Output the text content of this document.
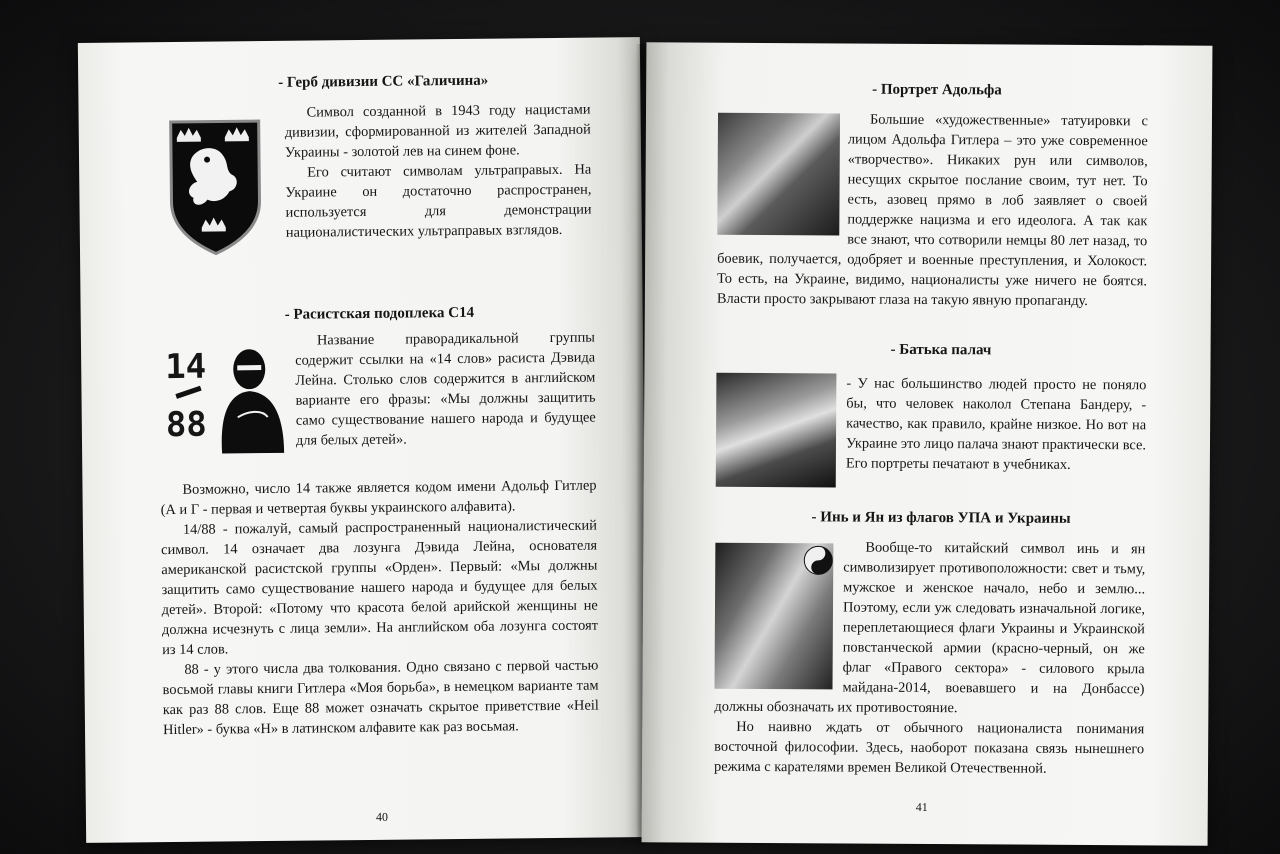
- Герб дивизии СС «Галичина»

Символ созданной в 1943 году нацистами дивизии, сформированной из жителей Западной Украины - золотой лев на синем фоне.

Его считают символам ультраправых. На Украине он достаточно распространен, используется для демонстрации националистических ультраправых взглядов.

- Расистская подоплека С14
14
88

Название праворадикальной группы содержит ссылки на «14 слов» расиста Дэвида Лейна. Столько слов содержится в английском варианте его фразы: «Мы должны защитить само существование нашего народа и будущее для белых детей».

Возможно, число 14 также является кодом имени Адольф Гитлер (А и Г - первая и четвертая буквы украинского алфавита).

14/88 - пожалуй, самый распространенный националистический символ. 14 означает два лозунга Дэвида Лейна, основателя американской расистской группы «Орден». Первый: «Мы должны защитить само существование нашего народа и будущее для белых детей». Второй: «Потому что красота белой арийской женщины не должна исчезнуть с лица земли». На английском оба лозунга состоят из 14 слов.

88 - у этого числа два толкования. Одно связано с первой частью восьмой главы книги Гитлера «Моя борьба», в немецком варианте там как раз 88 слов. Еще 88 может означать скрытое приветствие «Heil Hitler» - буква «Н» в латинском алфавите как раз восьмая.

40
- Портрет Адольфа

Большие «художественные» татуировки с лицом Адольфа Гитлера – это уже современное «творчество». Никаких рун или символов, несущих скрытое послание своим, тут нет. То есть, азовец прямо в лоб заявляет о своей поддержке нацизма и его идеолога. А так как все знают, что сотворили немцы 80 лет назад, то боевик, получается, одобряет и военные преступления, и Холокост. То есть, на Украине, видимо, националисты уже ничего не боятся. Власти просто закрывают глаза на такую явную пропаганду.

- Батька палач

- У нас большинство людей просто не поняло бы, что человек наколол Степана Бандеру, - качество, как правило, крайне низкое. Но вот на Украине это лицо палача знают практически все. Его портреты печатают в учебниках.

- Инь и Ян из флагов УПА и Украины

Вообще-то китайский символ инь и ян символизирует противоположности: свет и тьму, мужское и женское начало, небо и землю... Поэтому, если уж следовать изначальной логике, переплетающиеся флаги Украины и Украинской повстанческой армии (красно-черный, он же флаг «Правого сектора» - силового крыла майдана-2014, воевавшего и на Донбассе) должны обозначать их противостояние.

Но наивно ждать от обычного националиста понимания восточной философии. Здесь, наоборот показана связь нынешнего режима с карателями времен Великой Отечественной.

41
